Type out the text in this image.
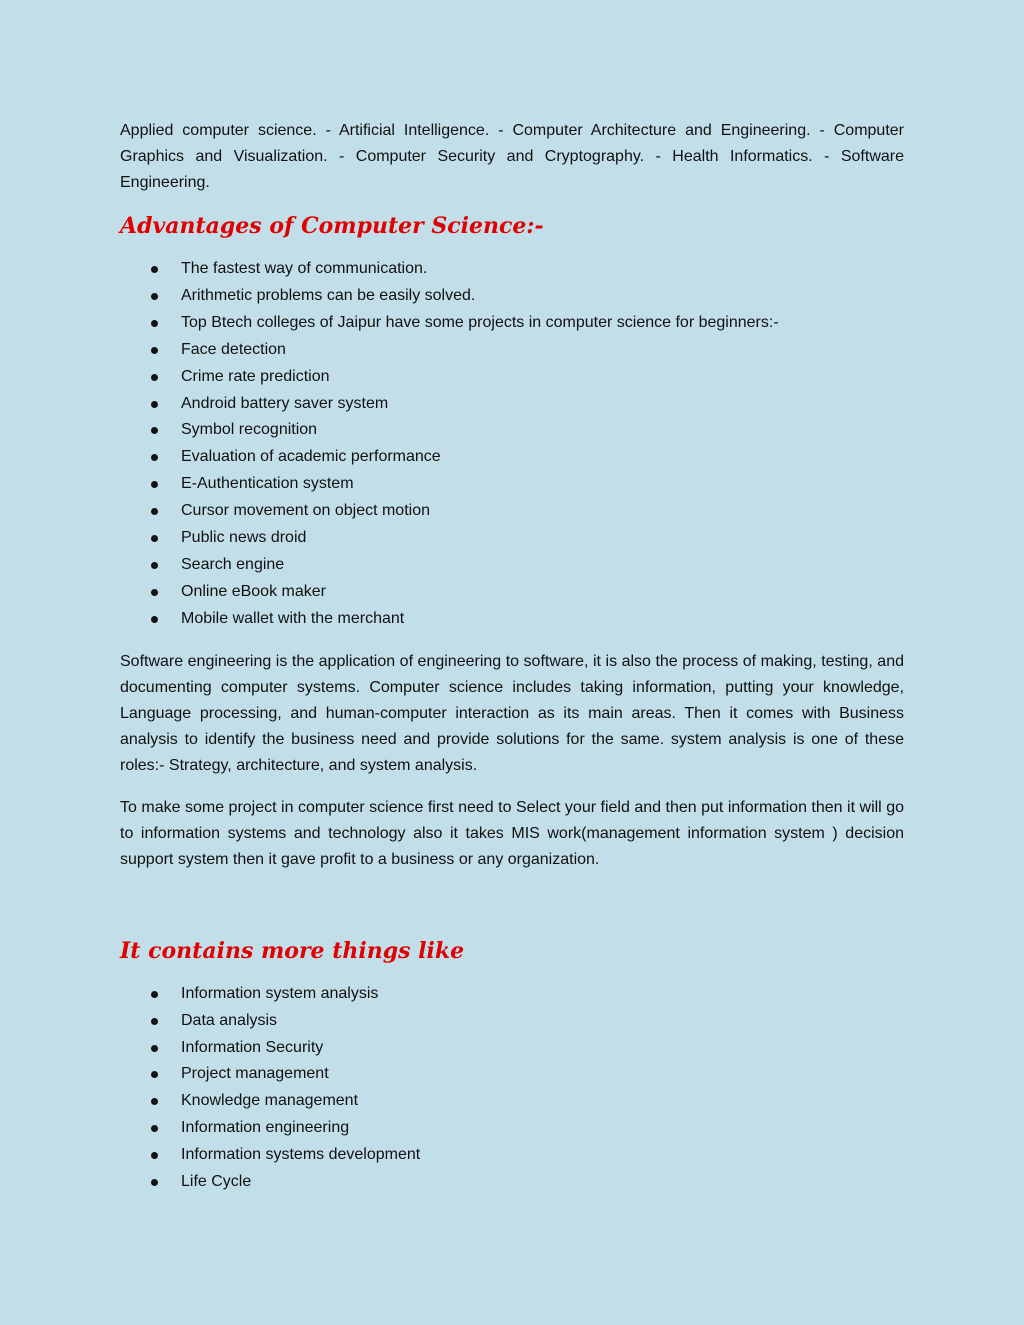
Applied computer science. - Artificial Intelligence. - Computer Architecture and Engineering. - Computer Graphics and Visualization. - Computer Security and Cryptography. - Health Informatics. - Software Engineering.

Advantages of Computer Science:-
The fastest way of communication.
Arithmetic problems can be easily solved.
Top Btech colleges of Jaipur have some projects in computer science for beginners:-
Face detection
Crime rate prediction
Android battery saver system
Symbol recognition
Evaluation of academic performance
E-Authentication system
Cursor movement on object motion
Public news droid
Search engine
Online eBook maker
Mobile wallet with the merchant

Software engineering is the application of engineering to software, it is also the process of making, testing, and documenting computer systems. Computer science includes taking information, putting your knowledge, Language processing, and human-computer interaction as its main areas. Then it comes with Business analysis to identify the business need and provide solutions for the same. system analysis is one of these roles:- Strategy, architecture, and system analysis.

To make some project in computer science first need to Select your field and then put information then it will go to information systems and technology also it takes MIS work(management information system ) decision support system then it gave profit to a business or any organization.

It contains more things like
Information system analysis
Data analysis
Information Security
Project management
Knowledge management
Information engineering
Information systems development
Life Cycle
